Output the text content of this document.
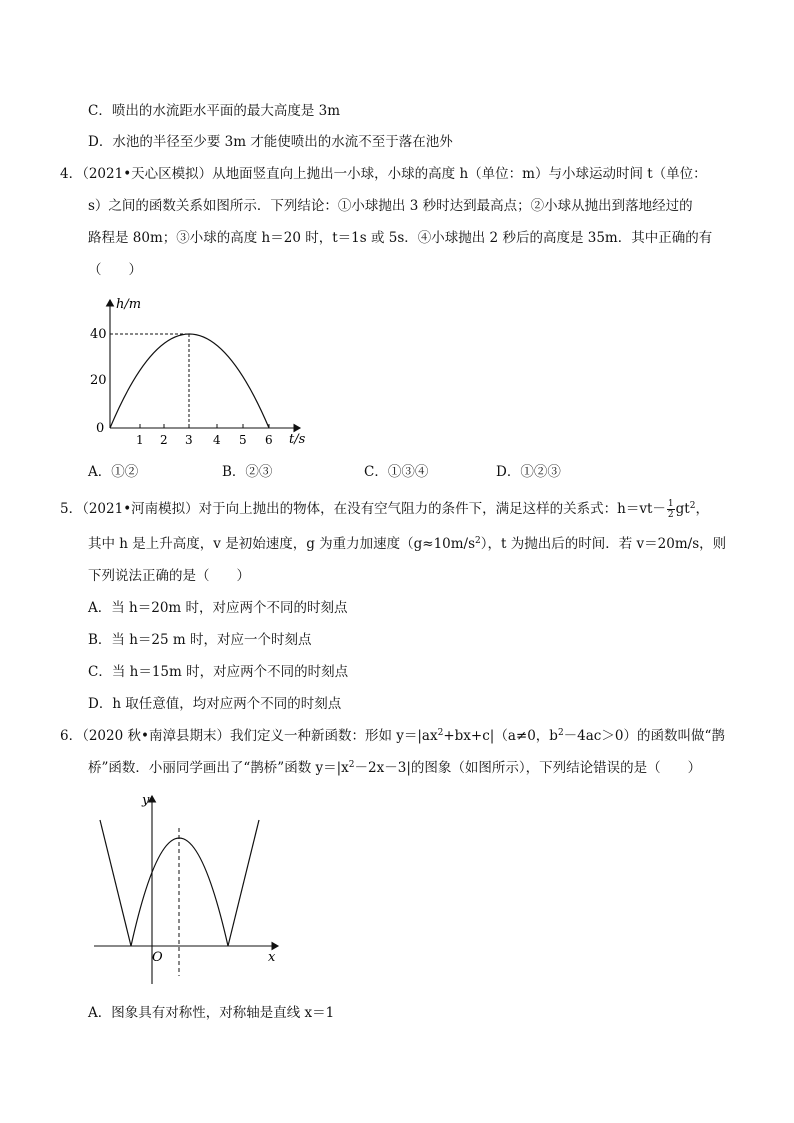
C．喷出的水流距水平面的最大高度是 3m
D．水池的半径至少要 3m 才能使喷出的水流不至于落在池外
4．（2021•天心区模拟）从地面竖直向上抛出一小球，小球的高度 h（单位：m）与小球运动时间 t（单位：
s）之间的函数关系如图所示．下列结论：①小球抛出 3 秒时达到最高点；②小球从抛出到落地经过的
路程是 80m；③小球的高度 h＝20 时，t＝1s 或 5s．④小球抛出 2 秒后的高度是 35m．其中正确的有
（　　）
h/m
40
20
0
1 2 3 4 5 6 t/s
A．①②	B．②③	C．①③④	D．①②③
5．（2021•河南模拟）对于向上抛出的物体，在没有空气阻力的条件下，满足这样的关系式：$h=vt- \frac{1}{2} gt^2$，
其中 h 是上升高度，v 是初始速度，g 为重力加速度$(g\approx 10m/s^2)$，t 为抛出后的时间．若 v＝20m/s，则
下列说法正确的是（　　）
A．当 h＝20m 时，对应两个不同的时刻点
B．当 h＝25 m 时，对应一个时刻点
C．当 h＝15m 时，对应两个不同的时刻点
D．h 取任意值，均对应两个不同的时刻点
6．（2020 秋•南漳县期末）我们定义一种新函数：形如 $y=|ax^2+bx+c|(a\ne 0$，$b^2-4ac>0$）的函数叫做“鹊
桥”函数．小丽同学画出了“鹊桥”函数 $y=|x^2-2x-3|$的图象（如图所示），下列结论错误的是（　　）
y
O	x
A．图象具有对称性，对称轴是直线 x＝1
